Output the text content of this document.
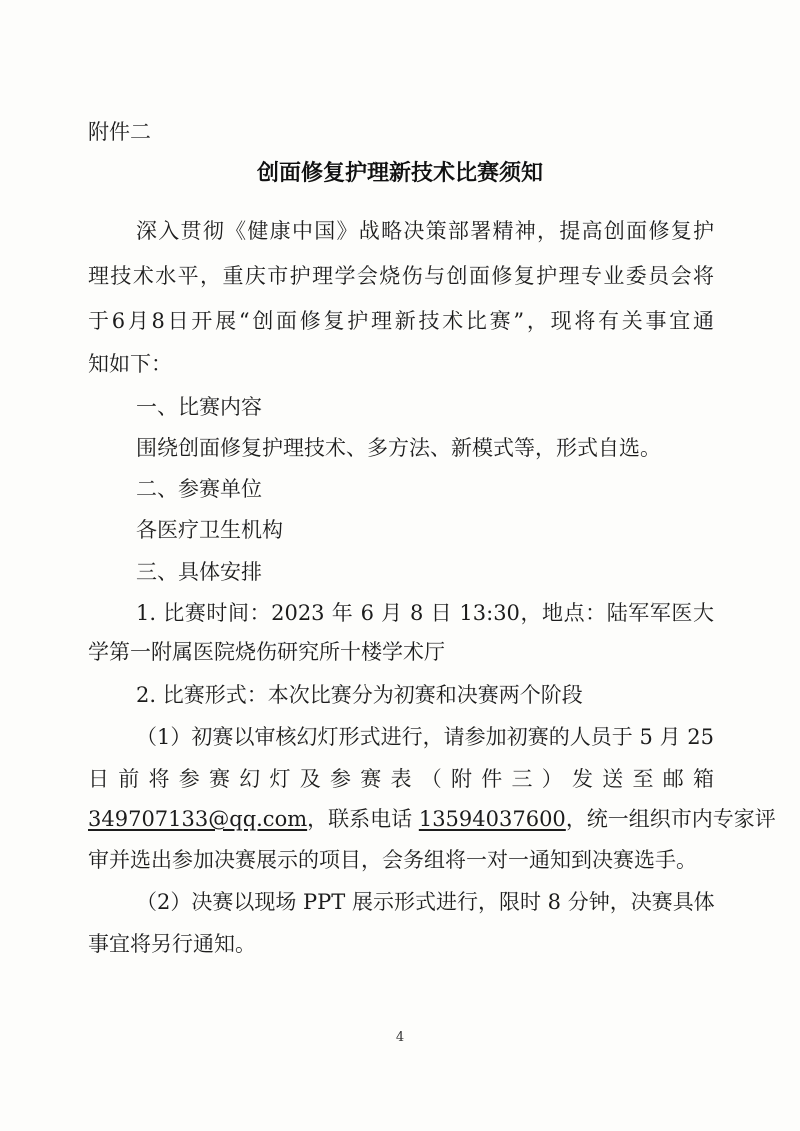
附件二
创面修复护理新技术比赛须知
深入贯彻《健康中国》战略决策部署精神，提高创面修复护
理技术水平，重庆市护理学会烧伤与创面修复护理专业委员会将
于6月8日开展“创面修复护理新技术比赛”，现将有关事宜通
知如下：
一、比赛内容
围绕创面修复护理技术、多方法、新模式等，形式自选。
二、参赛单位
各医疗卫生机构
三、具体安排
1. 比赛时间：2023 年 6 月 8 日 13:30，地点：陆军军医大
学第一附属医院烧伤研究所十楼学术厅
2. 比赛形式：本次比赛分为初赛和决赛两个阶段
（1）初赛以审核幻灯形式进行，请参加初赛的人员于 5 月 25
日前将参赛幻灯及参赛表（附件三）发送至邮箱
349707133@qq.com，联系电话 13594037600，统一组织市内专家评
审并选出参加决赛展示的项目，会务组将一对一通知到决赛选手。
（2）决赛以现场 PPT 展示形式进行，限时 8 分钟，决赛具体
事宜将另行通知。
4
